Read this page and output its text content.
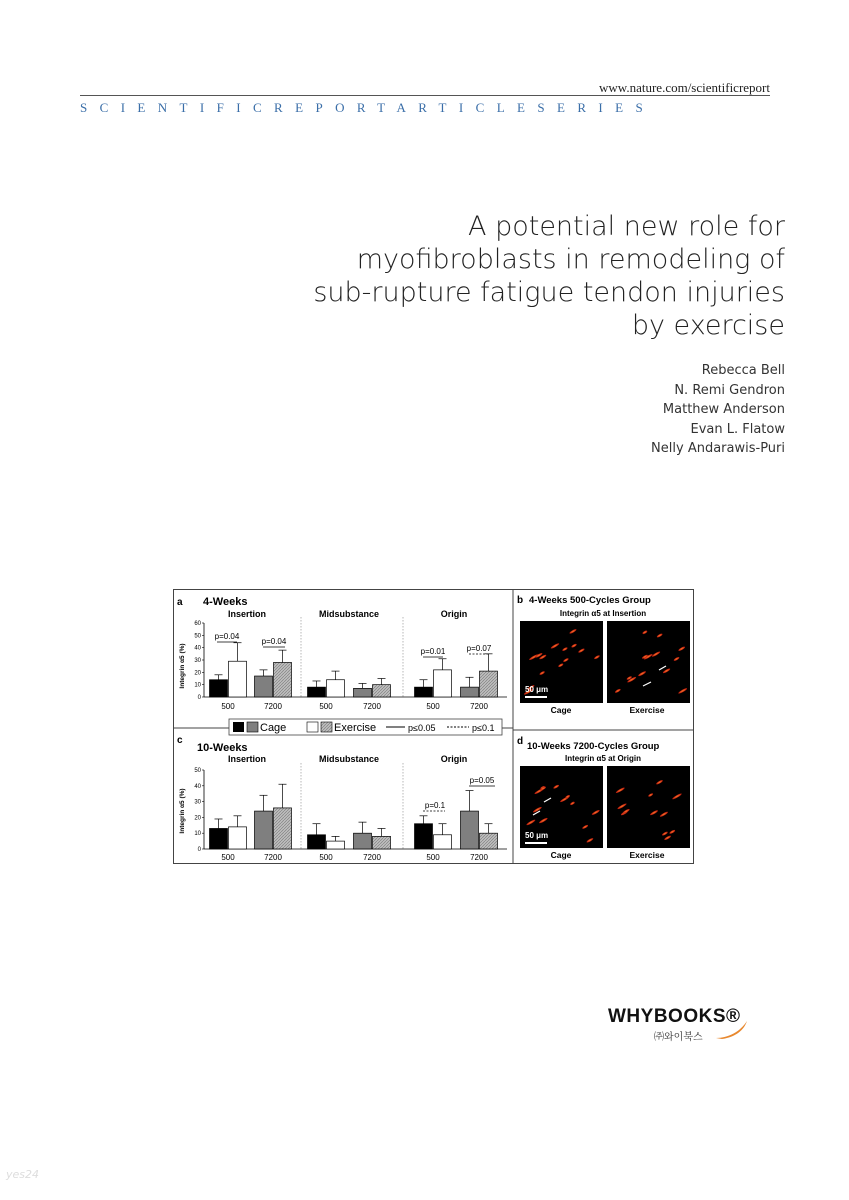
www.nature.com/scientificreport
SCIENTIFICREPORTARTICLESERIES
A potential new role for
myofibroblasts in remodeling of
sub-rupture fatigue tendon injuries
by exercise
Rebecca Bell
N. Remi Gendron
Matthew Anderson
Evan L. Flatow
Nelly Andarawis-Puri
a 4-Weeks
Insertion	Midsubstance	Origin
Integrin α5 (%)
0
10
20
30
40
50
60
500	7200	500	7200	500	7200
p=0.04
p=0.04
p=0.01	p=0.07
Cage	Exercise	p≤0.05	p≤0.1
c
10-Weeks
Insertion	Midsubstance	Origin
Integrin α5 (%)
0
10
20
30
40
50
500	7200	500	7200	500	7200
p=0.1
p=0.05
b 4-Weeks 500-Cycles Group
Integrin α5 at Insertion
50 μm
Cage	Exercise
d 10-Weeks 7200-Cycles Group
Integrin α5 at Origin
50 μm
Cage	Exercise
WHYBOOKS®
㈜와이북스
yes24
